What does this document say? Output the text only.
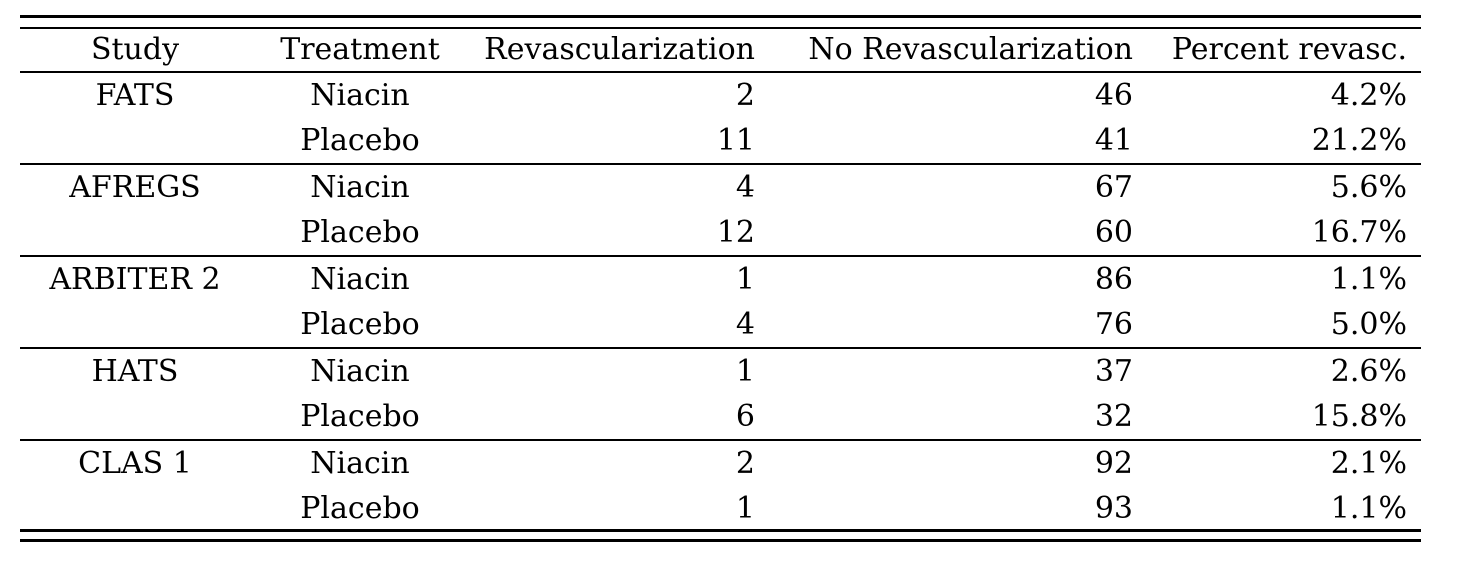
Study	Treatment	Revascularization	No Revascularization	Percent revasc.
FATS	Niacin	2	46	4.2%
	Placebo	11	41	21.2%
AFREGS	Niacin	4	67	5.6%
	Placebo	12	60	16.7%
ARBITER 2	Niacin	1	86	1.1%
	Placebo	4	76	5.0%
HATS	Niacin	1	37	2.6%
	Placebo	6	32	15.8%
CLAS 1	Niacin	2	92	2.1%
	Placebo	1	93	1.1%
